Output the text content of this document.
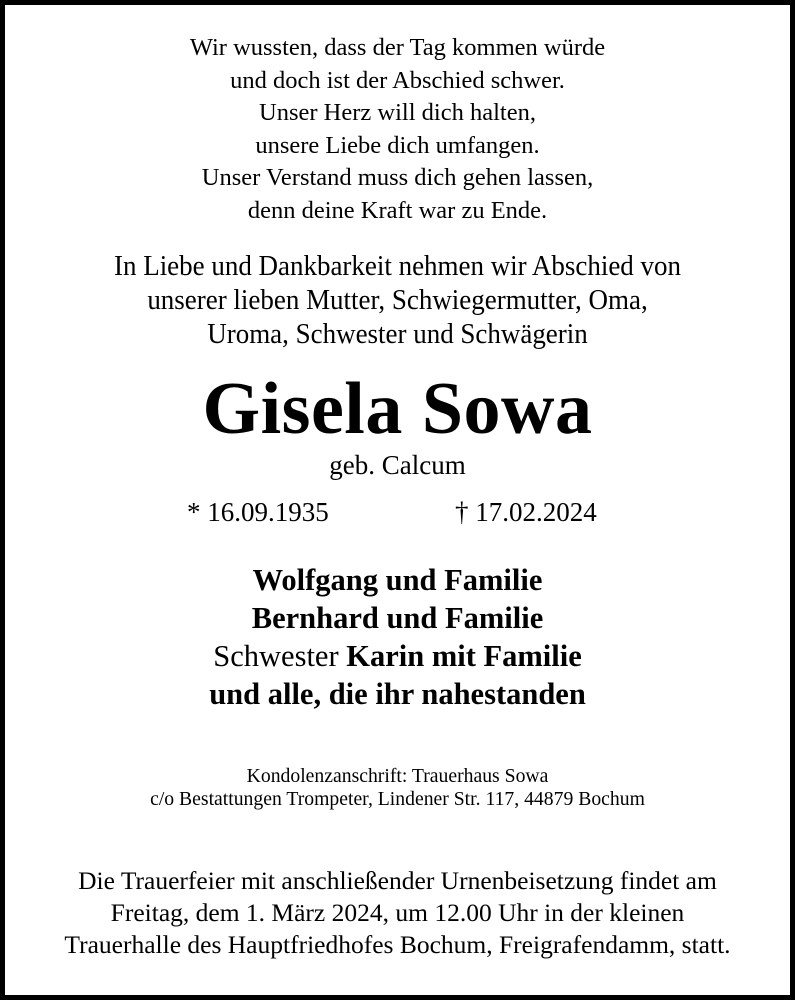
Wir wussten, dass der Tag kommen würde
und doch ist der Abschied schwer.
Unser Herz will dich halten,
unsere Liebe dich umfangen.
Unser Verstand muss dich gehen lassen,
denn deine Kraft war zu Ende.
In Liebe und Dankbarkeit nehmen wir Abschied von
unserer lieben Mutter, Schwiegermutter, Oma,
Uroma, Schwester und Schwägerin
Gisela Sowa
geb. Calcum
* 16.09.1935	† 17.02.2024
Wolfgang und Familie
Bernhard und Familie
Schwester Karin mit Familie
und alle, die ihr nahestanden
Kondolenzanschrift: Trauerhaus Sowa
c/o Bestattungen Trompeter, Lindener Str. 117, 44879 Bochum
Die Trauerfeier mit anschließender Urnenbeisetzung findet am
Freitag, dem 1. März 2024, um 12.00 Uhr in der kleinen
Trauerhalle des Hauptfriedhofes Bochum, Freigrafendamm, statt.
